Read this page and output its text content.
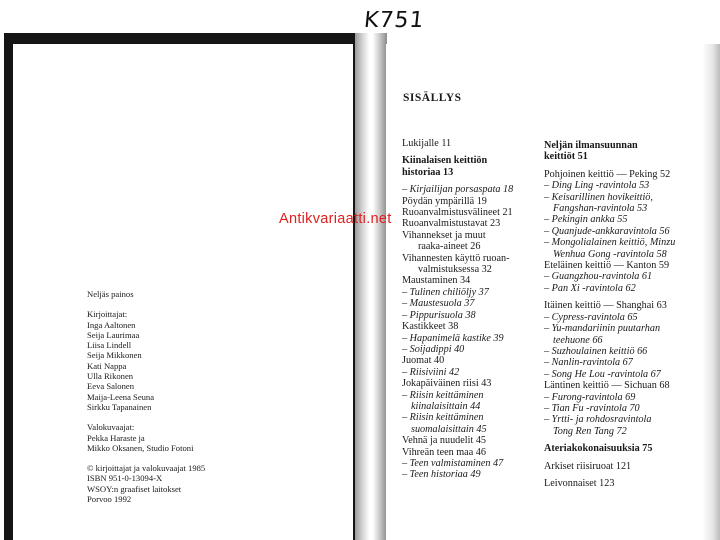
K751
Neljäs painos
Kirjoittajat:
Inga Aaltonen
Seija Laurimaa
Liisa Lindell
Seija Mikkonen
Kati Nappa
Ulla Rikonen
Eeva Salonen
Maija-Leena Seuna
Sirkku Tapanainen
Valokuvaajat:
Pekka Haraste ja
Mikko Oksanen, Studio Fotoni
© kirjoittajat ja valokuvaajat 1985
ISBN 951-0-13094-X
WSOY:n graafiset laitokset
Porvoo 1992
SISÄLLYS
Lukijalle 11
Kiinalaisen keittiön
historiaa 13
– Kirjailijan porsaspata 18
Pöydän ympärillä 19
Ruoanvalmistusvälineet 21
Ruoanvalmistustavat 23
Vihannekset ja muut
raaka-aineet 26
Vihannesten käyttö ruoan-
valmistuksessa 32
Maustaminen 34
– Tulinen chiliöljy 37
– Maustesuola 37
– Pippurisuola 38
Kastikkeet 38
– Hapanimelä kastike 39
– Soijadippi 40
Juomat 40
– Riisiviini 42
Jokapäiväinen riisi 43
– Riisin keittäminen
kiinalaisittain 44
– Riisin keittäminen
suomalaisittain 45
Vehnä ja nuudelit 45
Vihreän teen maa 46
– Teen valmistaminen 47
– Teen historiaa 49
Neljän ilmansuunnan
keittiöt 51
Pohjoinen keittiö — Peking 52
– Ding Ling -ravintola 53
– Keisarillinen hovikeittiö,
Fangshan-ravintola 53
– Pekingin ankka 55
– Quanjude-ankkaravintola 56
– Mongolialainen keittiö, Minzu
Wenhua Gong -ravintola 58
Eteläinen keittiö — Kanton 59
– Guangzhou-ravintola 61
– Pan Xi -ravintola 62
Itäinen keittiö — Shanghai 63
– Cypress-ravintola 65
– Yu-mandariinin puutarhan
teehuone 66
– Suzhoulainen keittiö 66
– Nanlin-ravintola 67
– Song He Lou -ravintola 67
Läntinen keittiö — Sichuan 68
– Furong-ravintola 69
– Tian Fu -ravintola 70
– Yrtti- ja rohdosravintola
Tong Ren Tang 72
Ateriakokonaisuuksia 75
Arkiset riisiruoat 121
Leivonnaiset 123
Antikvariaatti.net
